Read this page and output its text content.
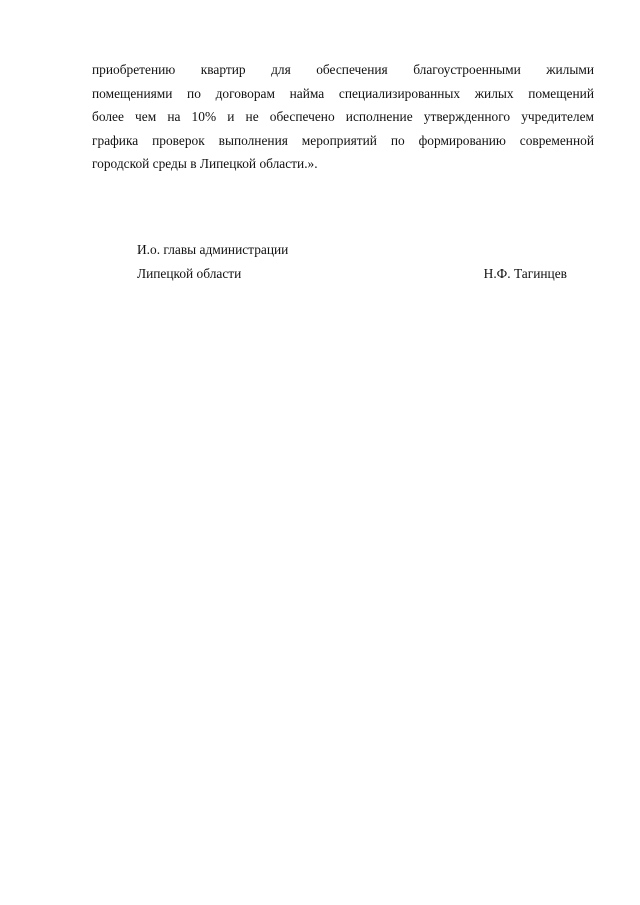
приобретению квартир для обеспечения благоустроенными жилыми
помещениями по договорам найма специализированных жилых помещений
более чем на 10% и не обеспечено исполнение утвержденного учредителем
графика проверок выполнения мероприятий по формированию современной
городской среды в Липецкой области.».

И.о. главы администрации
Липецкой области	Н.Ф. Тагинцев
